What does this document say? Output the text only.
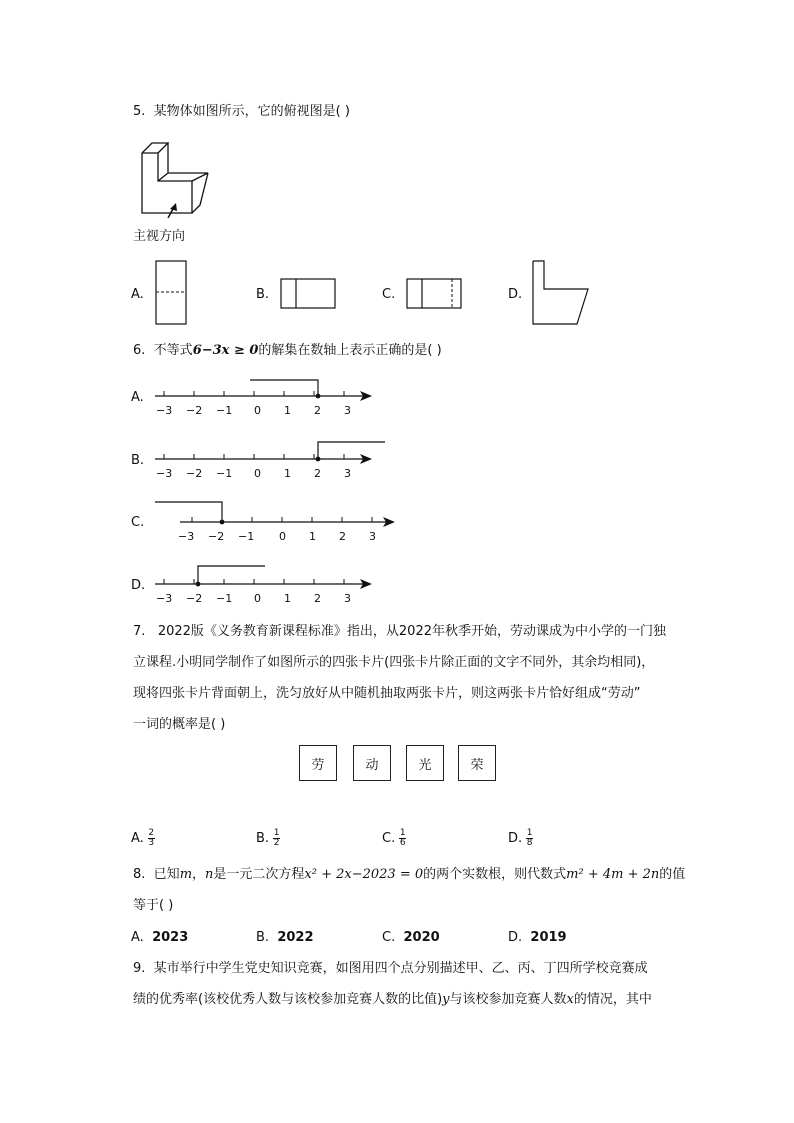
5. 某物体如图所示，它的俯视图是( )
主视方向
A.	B.	C.	D.
6. 不等式6−3x ≥ 0的解集在数轴上表示正确的是( )
A.
−3 −2 −1 0 1 2 3
B.
−3 −2 −1 0 1 2 3
C.
−3 −2 −1 0 1 2 3
D.
−3 −2 −1 0 1 2 3
7. 2022版《义务教育新课程标准》指出，从2022年秋季开始，劳动课成为中小学的一门独
立课程.小明同学制作了如图所示的四张卡片(四张卡片除正面的文字不同外，其余均相同)，
现将四张卡片背面朝上，洗匀放好从中随机抽取两张卡片，则这两张卡片恰好组成“劳动”
一词的概率是( )
劳	动	光	荣
A. $\frac{2}{3}$	B. $\frac{1}{2}$	C. $\frac{1}{6}$	D. $\frac{1}{8}$
8. 已知m，n是一元二次方程x² + 2x−2023 = 0的两个实数根，则代数式m² + 4m + 2n的值
等于( )
A. 2023	B. 2022	C. 2020	D. 2019
9. 某市举行中学生党史知识竞赛，如图用四个点分别描述甲、乙、丙、丁四所学校竞赛成
绩的优秀率(该校优秀人数与该校参加竞赛人数的比值)y与该校参加竞赛人数x的情况，其中
